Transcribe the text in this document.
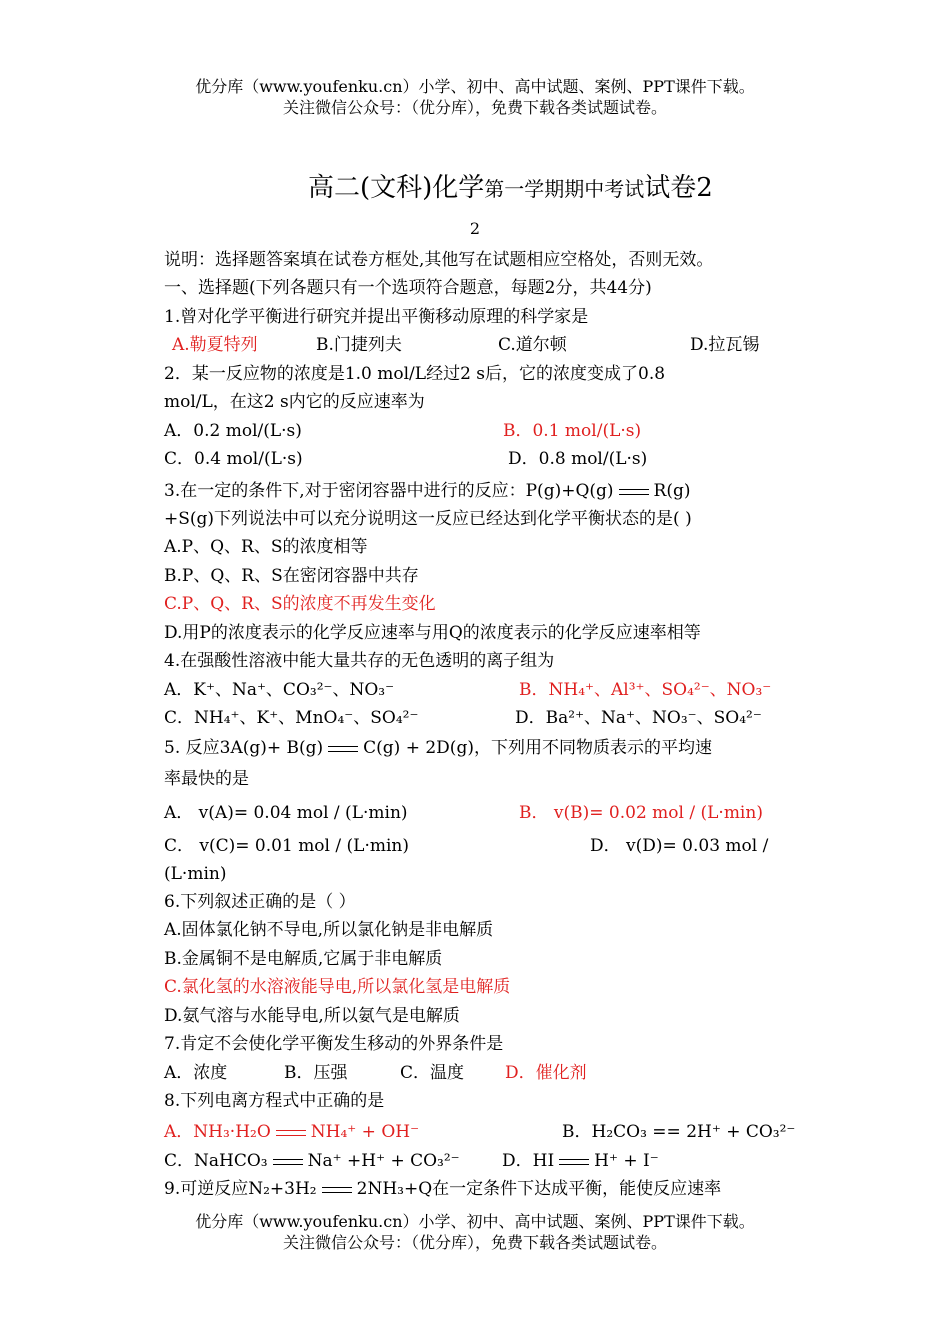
优分库（www.youfenku.cn）小学、初中、高中试题、案例、PPT课件下载。
关注微信公众号：（优分库），免费下载各类试题试卷。
高二(文科)化学第一学期期中考试试卷2
2
说明：选择题答案填在试卷方框处,其他写在试题相应空格处，否则无效。
一、选择题(下列各题只有一个选项符合题意，每题2分，共44分)
1.曾对化学平衡进行研究并提出平衡移动原理的科学家是
A.勒夏特列	B.门捷列夫	C.道尔顿	D.拉瓦锡
2．某一反应物的浓度是1.0 mol/L经过2 s后，它的浓度变成了0.8
mol/L，在这2 s内它的反应速率为
A．0.2 mol/(L·s)	B．0.1 mol/(L·s)
C．0.4 mol/(L·s)	D．0.8 mol/(L·s)
3.在一定的条件下,对于密闭容器中进行的反应：P(g)+Q(g) R(g)
+S(g)下列说法中可以充分说明这一反应已经达到化学平衡状态的是( )
A.P、Q、R、S的浓度相等
B.P、Q、R、S在密闭容器中共存
C.P、Q、R、S的浓度不再发生变化
D.用P的浓度表示的化学反应速率与用Q的浓度表示的化学反应速率相等
4.在强酸性溶液中能大量共存的无色透明的离子组为
A．K⁺、Na⁺、CO₃²⁻、NO₃⁻	B．NH₄⁺、Al³⁺、SO₄²⁻、NO₃⁻
C．NH₄⁺、K⁺、MnO₄⁻、SO₄²⁻	D．Ba²⁺、Na⁺、NO₃⁻、SO₄²⁻
5. 反应3A(g)+ B(g) C(g) + 2D(g)，下列用不同物质表示的平均速
率最快的是
A． v(A)= 0.04 mol / (L·min)	B． v(B)= 0.02 mol / (L·min)
C． v(C)= 0.01 mol / (L·min)	D． v(D)= 0.03 mol /
(L·min)
6.下列叙述正确的是（ ）
A.固体氯化钠不导电,所以氯化钠是非电解质
B.金属铜不是电解质,它属于非电解质
C.氯化氢的水溶液能导电,所以氯化氢是电解质
D.氨气溶与水能导电,所以氨气是电解质
7.肯定不会使化学平衡发生移动的外界条件是
A．浓度	B．压强	C．温度 D．催化剂
8.下列电离方程式中正确的是
A．NH₃·H₂O NH₄⁺ + OH⁻	B．H₂CO₃ == 2H⁺ + CO₃²⁻
C．NaHCO₃ Na⁺ +H⁺ + CO₃²⁻ D．HI H⁺ + I⁻
9.可逆反应N₂+3H₂ 2NH₃+Q在一定条件下达成平衡，能使反应速率
优分库（www.youfenku.cn）小学、初中、高中试题、案例、PPT课件下载。
关注微信公众号：（优分库），免费下载各类试题试卷。
